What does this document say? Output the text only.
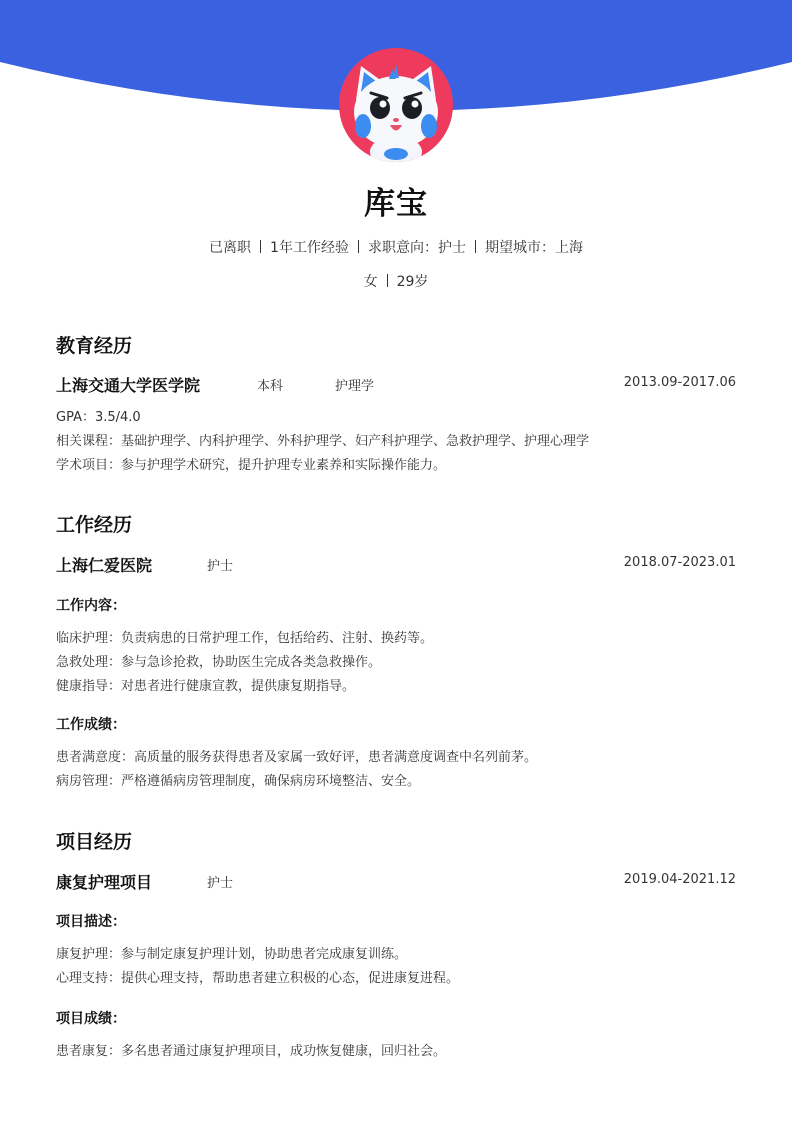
库宝
已离职 1年工作经验 求职意向：护士 期望城市：上海
女 29岁
教育经历
上海交通大学医学院	本科	护理学	2013.09-2017.06
GPA：3.5/4.0
相关课程：基础护理学、内科护理学、外科护理学、妇产科护理学、急救护理学、护理心理学
学术项目：参与护理学术研究，提升护理专业素养和实际操作能力。
工作经历
上海仁爱医院	护士	2018.07-2023.01
工作内容：
临床护理：负责病患的日常护理工作，包括给药、注射、换药等。
急救处理：参与急诊抢救，协助医生完成各类急救操作。
健康指导：对患者进行健康宣教，提供康复期指导。
工作成绩：
患者满意度：高质量的服务获得患者及家属一致好评，患者满意度调查中名列前茅。
病房管理：严格遵循病房管理制度，确保病房环境整洁、安全。
项目经历
康复护理项目	护士	2019.04-2021.12
项目描述：
康复护理：参与制定康复护理计划，协助患者完成康复训练。
心理支持：提供心理支持，帮助患者建立积极的心态，促进康复进程。
项目成绩：
患者康复：多名患者通过康复护理项目，成功恢复健康，回归社会。
